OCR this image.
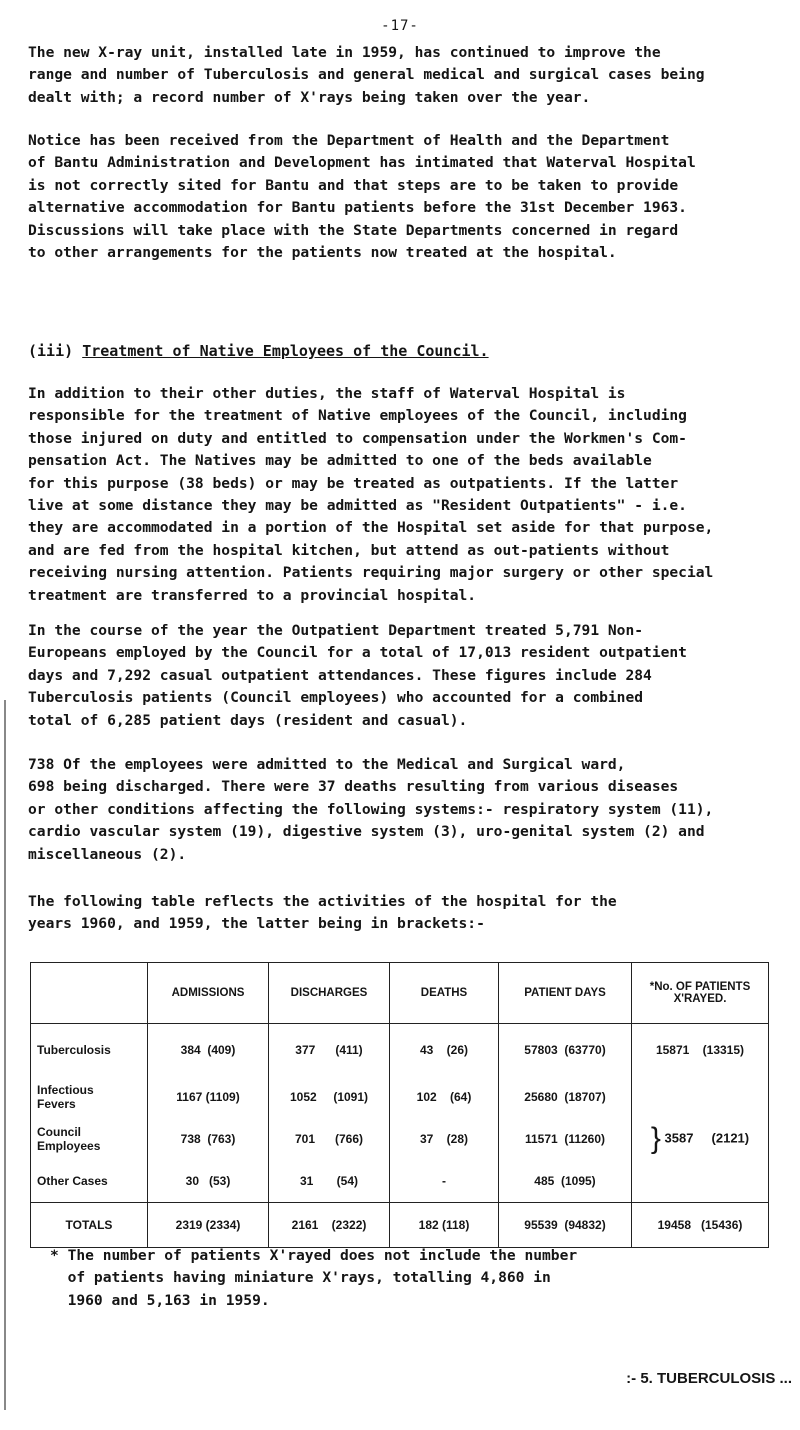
-17-
The new X-ray unit, installed late in 1959, has continued to improve the
range and number of Tuberculosis and general medical and surgical cases being
dealt with; a record number of X'rays being taken over the year.
Notice has been received from the Department of Health and the Department
of Bantu Administration and Development has intimated that Waterval Hospital
is not correctly sited for Bantu and that steps are to be taken to provide
alternative accommodation for Bantu patients before the 31st December 1963.
Discussions will take place with the State Departments concerned in regard
to other arrangements for the patients now treated at the hospital.
(iii) Treatment of Native Employees of the Council.
In addition to their other duties, the staff of Waterval Hospital is
responsible for the treatment of Native employees of the Council, including
those injured on duty and entitled to compensation under the Workmen's Com-
pensation Act. The Natives may be admitted to one of the beds available
for this purpose (38 beds) or may be treated as outpatients. If the latter
live at some distance they may be admitted as "Resident Outpatients" - i.e.
they are accommodated in a portion of the Hospital set aside for that purpose,
and are fed from the hospital kitchen, but attend as out-patients without
receiving nursing attention. Patients requiring major surgery or other special
treatment are transferred to a provincial hospital.
In the course of the year the Outpatient Department treated 5,791 Non-
Europeans employed by the Council for a total of 17,013 resident outpatient
days and 7,292 casual outpatient attendances. These figures include 284
Tuberculosis patients (Council employees) who accounted for a combined
total of 6,285 patient days (resident and casual).
738 Of the employees were admitted to the Medical and Surgical ward,
698 being discharged. There were 37 deaths resulting from various diseases
or other conditions affecting the following systems:- respiratory system (11),
cardio vascular system (19), digestive system (3), uro-genital system (2) and
miscellaneous (2).
The following table reflects the activities of the hospital for the
years 1960, and 1959, the latter being in brackets:-
	ADMISSIONS	DISCHARGES	DEATHS	PATIENT DAYS	*No. OF PATIENTS
X'RAYED.
Tuberculosis	384  (409)	377      (411)	43    (26)	57803  (63770)	15871    (13315)
Infectious
Fevers	1167 (1109)	1052     (1091)	102    (64)	25680  (18707)	} 3587     (2121)
Council
Employees	738  (763)	701      (766)	37    (28)	11571  (11260)	
Other Cases	30   (53)	31       (54)	-	485  (1095)	
TOTALS	2319 (2334)	2161    (2322)	182 (118)	95539  (94832)	19458   (15436)
* The number of patients X'rayed does not include the number
of patients having miniature X'rays, totalling 4,860 in
1960 and 5,163 in 1959.
:- 5. TUBERCULOSIS ...
